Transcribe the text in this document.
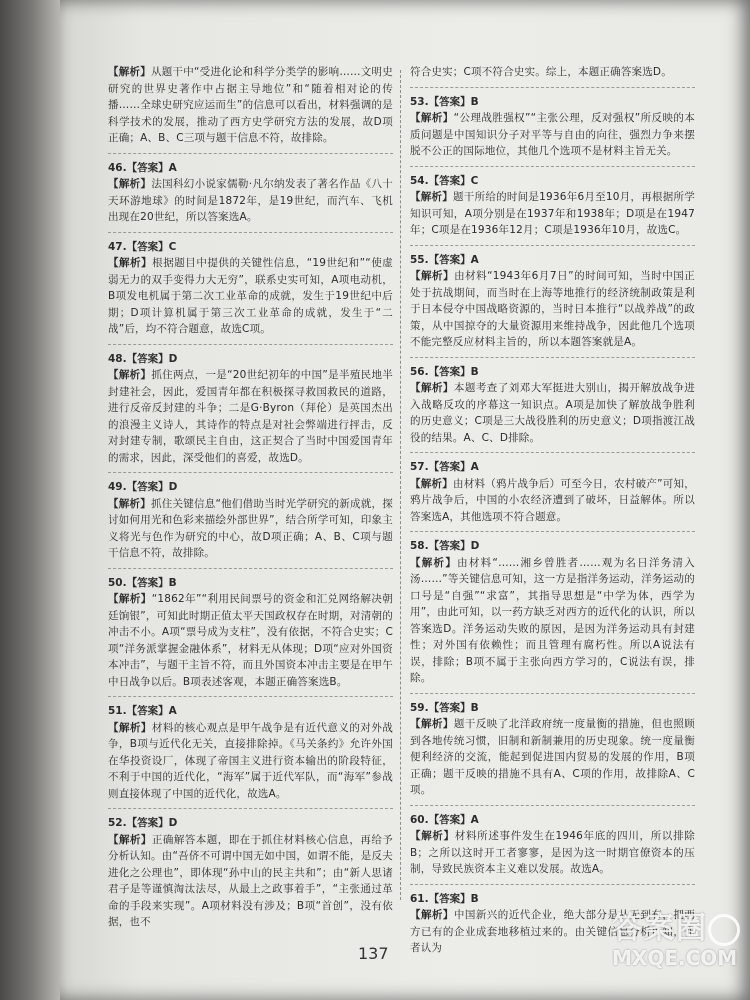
【解析】从题干中“受进化论和科学分类学的影响……文明史研究的世界史著作中占据主导地位”和“随着相对论的传播……全球史研究应运而生”的信息可以看出，材料强调的是科学技术的发展，推动了西方史学研究方法的发展，故D项正确；A、B、C三项与题干信息不符，故排除。
46.【答案】A
【解析】法国科幻小说家儒勒·凡尔纳发表了著名作品《八十天环游地球》的时间是1872年，是19世纪，而汽车、飞机出现在20世纪，所以答案选A。
47.【答案】C
【解析】根据题目中提供的关键性信息，“19世纪和”“使虚弱无力的双手变得力大无穷”，联系史实可知，A项电动机，B项发电机属于第二次工业革命的成就，发生于19世纪中后期；D项计算机属于第三次工业革命的成就，发生于“二战”后，均不符合题意，故选C项。
48.【答案】D
【解析】抓住两点，一是“20世纪初年的中国”是半殖民地半封建社会，因此，爱国青年都在积极探寻救国救民的道路，进行反帝反封建的斗争；二是G·Byron（拜伦）是英国杰出的浪漫主义诗人，其诗作的特点是对社会弊端进行抨击，反对封建专制，歌颂民主自由，这正契合了当时中国爱国青年的需求，因此，深受他们的喜爱，故选D。
49.【答案】D
【解析】抓住关键信息“他们借助当时光学研究的新成就，探讨如何用光和色彩来描绘外部世界”，结合所学可知，印象主义将光与色作为研究的中心，故D项正确；A、B、C项与题干信息不符，故排除。
50.【答案】B
【解析】“1862年”“利用民间票号的资金和汇兑网络解决朝廷饷银”，可知此时期正值太平天国政权存在时期，对清朝的冲击不小。A项“票号成为支柱”，没有依据，不符合史实；C项“洋务派掌握金融体系”，材料无从体现；D项“应对外国资本冲击”，与题干主旨不符，而且外国资本冲击主要是在甲午中日战争以后。B项表述客观，本题正确答案选B。
51.【答案】A
【解析】材料的核心观点是甲午战争是有近代意义的对外战争，B项与近代化无关，直接排除掉。《马关条约》允许外国在华投资设厂，体现了帝国主义进行资本输出的阶段特征，不利于中国的近代化，“海军”属于近代军队，而“海军”参战则直接体现了中国的近代化，故选A。
52.【答案】D
【解析】正确解答本题，即在于抓住材料核心信息，再给予分析认知。由“吾侪不可谓中国无如中国，如谓不能，是反夫进化之公理也”，即体现“孙中山的民主共和”；由“新人思诸君子是等谨慎淘汰法尽，从最上之政事着手”，“主张通过革命的手段来实现”。A项材料没有涉及；B项“首创”，没有依据，也不
符合史实；C项不符合史实。综上，本题正确答案选D。
53.【答案】B
【解析】“公理战胜强权”“主张公理，反对强权”所反映的本质问题是中国知识分子对平等与自由的向往，强烈力争来摆脱不公正的国际地位，其他几个选项不是材料主旨无关。
54.【答案】C
【解析】题干所给的时间是1936年6月至10月，再根据所学知识可知，A项分别是在1937年和1938年；D项是在1947年；C项是在1936年12月；C项是1936年10月，故选C。
55.【答案】A
【解析】由材料“1943年6月7日”的时间可知，当时中国正处于抗战期间，而当时在上海等地推行的经济统制政策是利于日本侵夺中国战略资源的，当时日本推行“以战养战”的政策，从中国掠夺的大量资源用来维持战争，因此他几个选项不能完整反应材料主旨的，所以本题答案就是A。
56.【答案】B
【解析】本题考查了刘邓大军挺进大别山，揭开解放战争进入战略反攻的序幕这一知识点。A项是加快了解放战争胜利的历史意义；C项是三大战役胜利的历史意义；D项指渡江战役的结果。A、C、D排除。
57.【答案】A
【解析】由材料（鸦片战争后）可至今日，农村破产”可知，鸦片战争后，中国的小农经济遭到了破坏，日益解体。所以答案选A，其他选项不符合题意。
58.【答案】D
【解析】由材料“……湘乡曾胜者……观为名日洋务清入汤……”等关键信息可知，这一方是指洋务运动，洋务运动的口号是“自强”“求富”，其指导思想是“中学为体，西学为用”，由此可知，以一药方缺乏对西方的近代化的认识，所以答案选D。洋务运动失败的原因，是因为洋务运动具有封建性；对外国有依赖性；而且管理有腐朽性。所以A说法有误，排除；B项不属于主张向西方学习的，C说法有误，排除。
59.【答案】B
【解析】题干反映了北洋政府统一度量衡的措施，但也照顾到各地传统习惯，旧制和新制兼用的历史现象。统一度量衡便利经济的交流，能起到促进国内贸易的发展的作用，B项正确；题干反映的措施不具有A、C项的作用，故排除A、C项。
60.【答案】A
【解析】材料所述事件发生在1946年底的四川，所以排除B；之所以这时开工者寥寥，是因为这一时期官僚资本的压制，导致民族资本主义难以发展。故选A。
61.【答案】B
【解析】中国新兴的近代企业，绝大部分是从无到有，把西方已有的企业成套地移植过来的。由关键信息分析可知，作者认为
137
答案圈
MXQE.COM
